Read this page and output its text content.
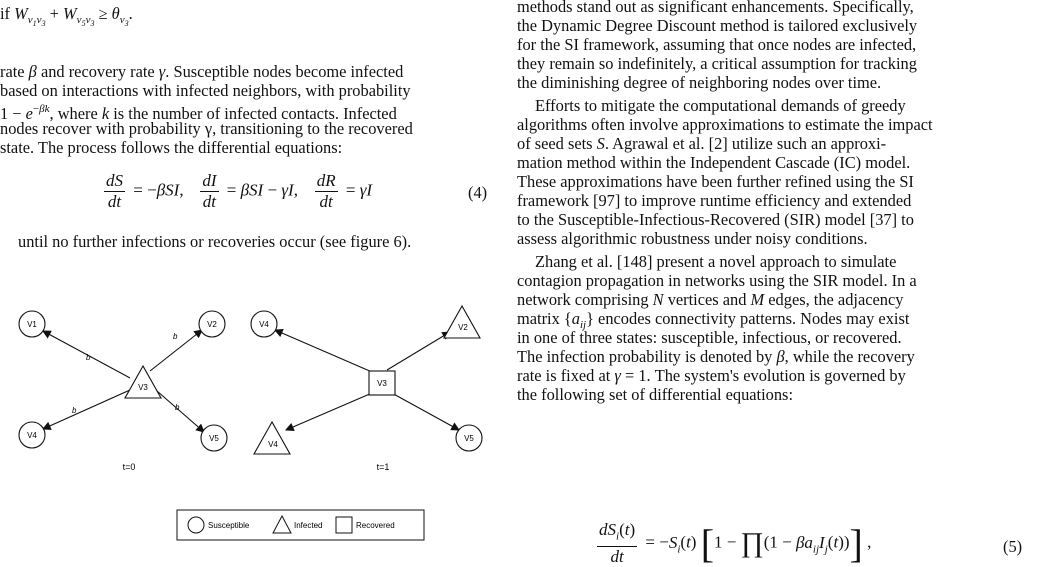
if $W_{v_1v_3} + W_{v_5v_3} \ge \theta_{v_3}$.
rate β and recovery rate γ. Susceptible nodes become infected
based on interactions with infected neighbors, with probability
$1 - e^{-\beta k}$, where k is the number of infected contacts. Infected
nodes recover with probability γ, transitioning to the recovered
state. The process follows the differential equations:
$\frac{dS}{dt} = -\beta SI$, $\frac{dI}{dt} = \beta SI - \gamma I$, $\frac{dR}{dt} = \gamma I$	(4)
until no further infections or recoveries occur (see figure 6).
b
b
b	b
V1	V2
V3
V4	V5
t=0
V4	V2
V3
V4
V5
t=1
Susceptible	Infected	Recovered
methods stand out as significant enhancements. Specifically,
the Dynamic Degree Discount method is tailored exclusively
for the SI framework, assuming that once nodes are infected,
they remain so indefinitely, a critical assumption for tracking
the diminishing degree of neighboring nodes over time.
Efforts to mitigate the computational demands of greedy
algorithms often involve approximations to estimate the impact
of seed sets S. Agrawal et al. [2] utilize such an approxi-
mation method within the Independent Cascade (IC) model.
These approximations have been further refined using the SI
framework [97] to improve runtime efficiency and extended
to the Susceptible-Infectious-Recovered (SIR) model [37] to
assess algorithmic robustness under noisy conditions.
Zhang et al. [148] present a novel approach to simulate
contagion propagation in networks using the SIR model. In a
network comprising N vertices and M edges, the adjacency
matrix $\{a_{ij}\}$ encodes connectivity patterns. Nodes may exist
in one of three states: susceptible, infectious, or recovered.
The infection probability is denoted by β, while the recovery
rate is fixed at γ = 1. The system's evolution is governed by
the following set of differential equations:
$\frac{dS_i(t)}{dt} = -S_i(t) [1$ − ∏(1 − $\beta a_{ij}I_j(t)$)] ,	(5)
